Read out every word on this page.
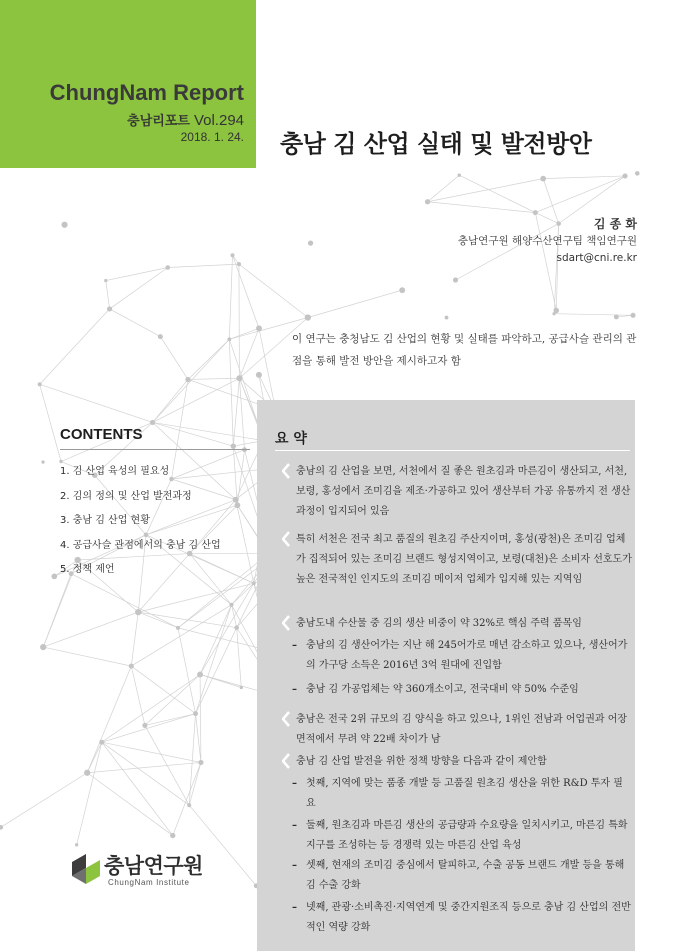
ChungNam Report
충남리포트 Vol.294
2018. 1. 24. 충남 김 산업 실태 및 발전방안
김 종 화
충남연구원 해양수산연구팀 책임연구원
sdart@cni.re.kr

이 연구는 충청남도 김 산업의 현황 및 실태를 파악하고, 공급사슬 관리의 관점을 통해 발전 방안을 제시하고자 함

CONTENTS
1. 김 산업 육성의 필요성
2. 김의 정의 및 산업 발전과정
3. 충남 김 산업 현황
4. 공급사슬 관점에서의 충남 김 산업
5. 정책 제언
요 약
충남의 김 산업을 보면, 서천에서 질 좋은 원초김과 마른김이 생산되고, 서천, 보령, 홍성에서 조미김을 제조·가공하고 있어 생산부터 가공 유통까지 전 생산과정이 입지되어 있음
특히 서천은 전국 최고 품질의 원초김 주산지이며, 홍성(광천)은 조미김 업체가 집적되어 있는 조미김 브랜드 형성지역이고, 보령(대천)은 소비자 선호도가 높은 전국적인 인지도의 조미김 메이저 업체가 입지해 있는 지역임
충남도내 수산물 중 김의 생산 비중이 약 32%로 핵심 주력 품목임
– 충남의 김 생산어가는 지난 해 245어가로 매년 감소하고 있으나, 생산어가의 가구당 소득은 2016년 3억 원대에 진입함
– 충남 김 가공업체는 약 360개소이고, 전국대비 약 50% 수준임
충남은 전국 2위 규모의 김 양식을 하고 있으나, 1위인 전남과 어업권과 어장 면적에서 무려 약 22배 차이가 남
충남 김 산업 발전을 위한 정책 방향을 다음과 같이 제안함
– 첫째, 지역에 맞는 품종 개발 등 고품질 원초김 생산을 위한 R&D 투자 필요
– 둘째, 원초김과 마른김 생산의 공급량과 수요량을 일치시키고, 마른김 특화지구를 조성하는 등 경쟁력 있는 마른김 산업 육성
– 셋째, 현재의 조미김 중심에서 탈피하고, 수출 공동 브랜드 개발 등을 통해 김 수출 강화
– 넷째, 관광·소비촉진·지역연계 및 중간지원조직 등으로 충남 김 산업의 전반적인 역량 강화
충남연구원
ChungNam Institute
